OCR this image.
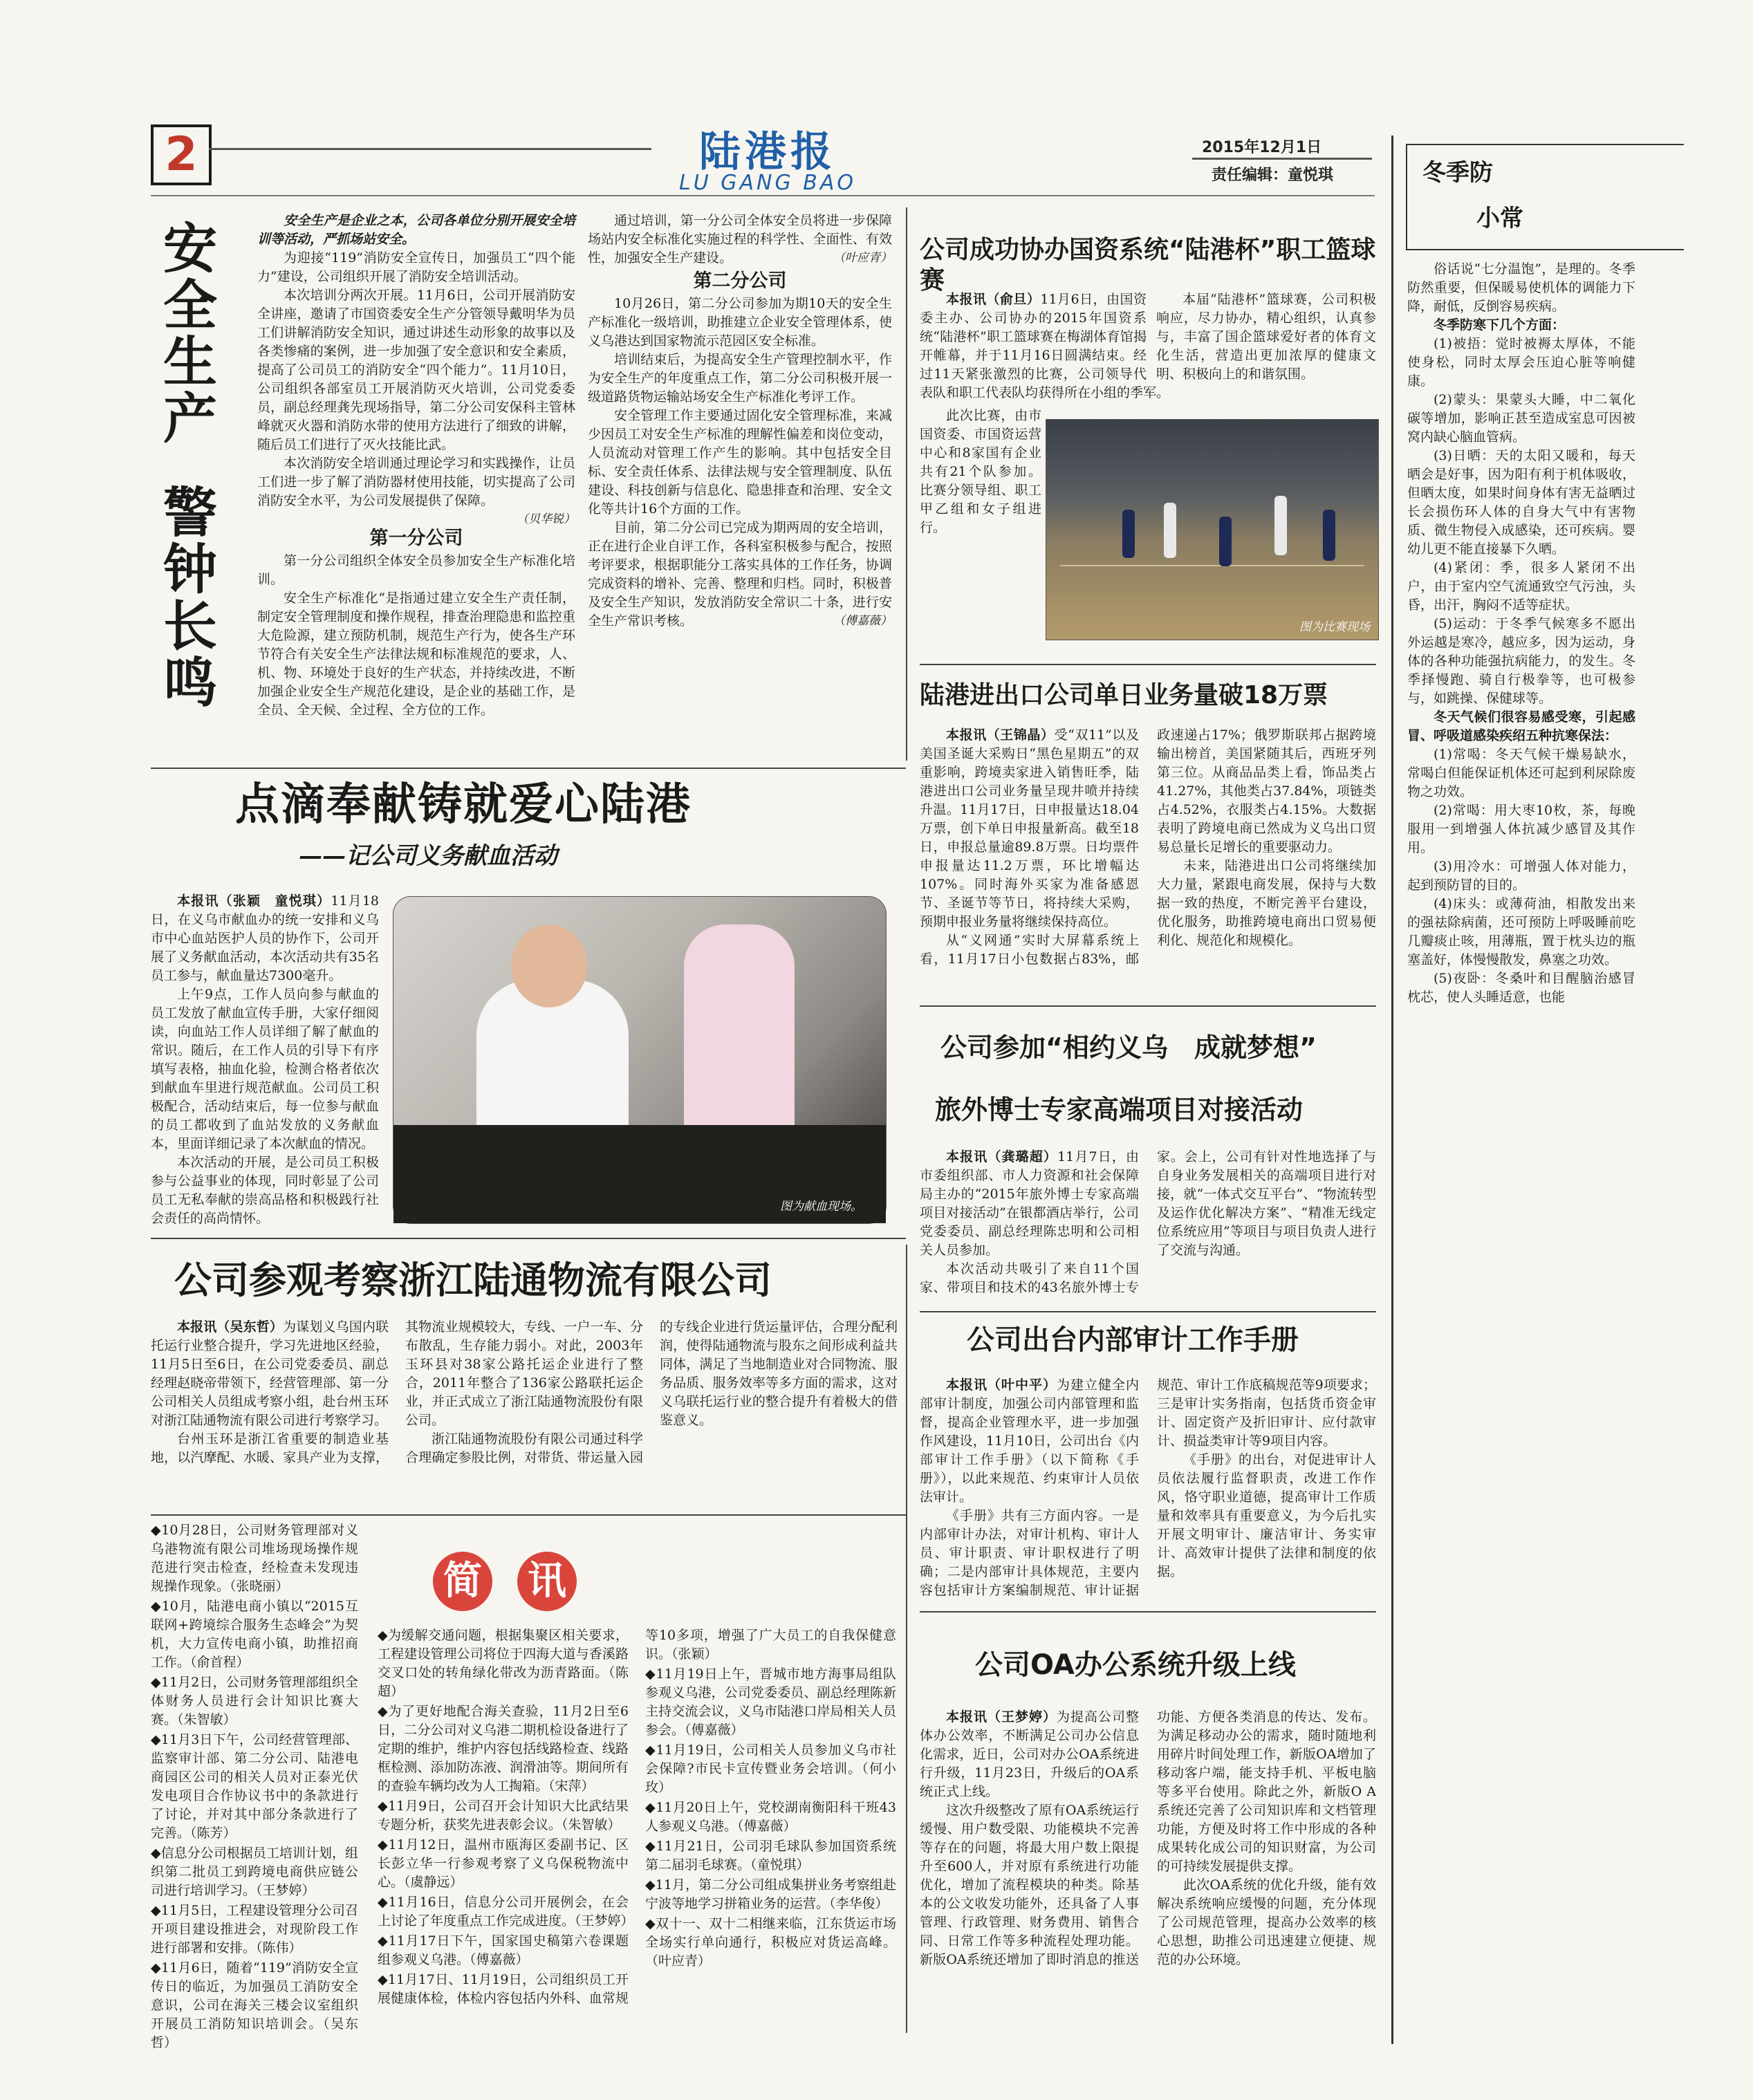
2	陆港报
LU GANG BAO
2015年12月1日
责任编辑：童悦琪
安全生产
警钟长鸣

安全生产是企业之本，公司各单位分别开展安全培训等活动，严抓场站安全。

为迎接“119”消防安全宣传日，加强员工“四个能力”建设，公司组织开展了消防安全培训活动。

本次培训分两次开展。11月6日，公司开展消防安全讲座，邀请了市国资委安全生产分管领导戴明华为员工们讲解消防安全知识，通过讲述生动形象的故事以及各类惨痛的案例，进一步加强了安全意识和安全素质，提高了公司员工的消防安全“四个能力”。11月10日，公司组织各部室员工开展消防灭火培训，公司党委委员，副总经理龚先现场指导，第二分公司安保科主管林峰就灭火器和消防水带的使用方法进行了细致的讲解，随后员工们进行了灭火技能比武。

本次消防安全培训通过理论学习和实践操作，让员工们进一步了解了消防器材使用技能，切实提高了公司消防安全水平，为公司发展提供了保障。
（贝华锐）

第一分公司

第一分公司组织全体安全员参加安全生产标准化培训。

安全生产标准化”是指通过建立安全生产责任制，制定安全管理制度和操作规程，排查治理隐患和监控重大危险源，建立预防机制，规范生产行为，使各生产环节符合有关安全生产法律法规和标准规范的要求，人、机、物、环境处于良好的生产状态，并持续改进，不断加强企业安全生产规范化建设，是企业的基础工作，是全员、全天候、全过程、全方位的工作。

通过培训，第一分公司全体安全员将进一步保障场站内安全标准化实施过程的科学性、全面性、有效性，加强安全生产建设。	（叶应青）

第二分公司

10月26日，第二分公司参加为期10天的安全生产标准化一级培训，助推建立企业安全管理体系，使义乌港达到国家物流示范园区安全标准。

培训结束后，为提高安全生产管理控制水平，作为安全生产的年度重点工作，第二分公司积极开展一级道路货物运输站场安全生产标准化考评工作。

安全管理工作主要通过固化安全管理标准，来减少因员工对安全生产标准的理解性偏差和岗位变动，人员流动对管理工作产生的影响。其中包括安全目标、安全责任体系、法律法规与安全管理制度、队伍建设、科技创新与信息化、隐患排查和治理、安全文化等共计16个方面的工作。

目前，第二分公司已完成为期两周的安全培训，正在进行企业自评工作，各科室积极参与配合，按照考评要求，根据职能分工落实具体的工作任务，协调完成资料的增补、完善、整理和归档。同时，积极普及安全生产知识，发放消防安全常识二十条，进行安全生产常识考核。	（傅嘉薇）

公司成功协办国资系统“陆港杯”职工篮球赛

本届“陆港杯”篮球赛，公司积极响应，尽力协办，精心组织，认真参与，丰富了国企篮球爱好者的体育文化生活，营造出更加浓厚的健康文明、积极向上的和谐氛围。

本报讯（俞旦）11月6日，由国资委主办、公司协办的2015年国资系统“陆港杯”职工篮球赛在梅湖体育馆揭开帷幕，并于11月16日圆满结束。经过11天紧张激烈的比赛，公司领导代表队和职工代表队均获得所在小组的季军。

此次比赛，由市国资委、市国资运营中心和8家国有企业共有21个队参加。比赛分领导组、职工甲乙组和女子组进行。

图为比赛现场
陆港进出口公司单日业务量破18万票

本报讯（王锦晶）受“双11”以及美国圣诞大采购日“黑色星期五”的双重影响，跨境卖家进入销售旺季，陆港进出口公司业务量呈现井喷并持续升温。11月17日，日申报量达18.04万票，创下单日申报量新高。截至18日，申报总量逾89.8万票。日均票件申报量达11.2万票，环比增幅达107%。同时海外买家为准备感恩节、圣诞节等节日，将持续大采购，预期申报业务量将继续保持高位。

从“义网通”实时大屏幕系统上看，11月17日小包数据占83%，邮政速递占17%；俄罗斯联邦占据跨境输出榜首，美国紧随其后，西班牙列第三位。从商品品类上看，饰品类占41.27%，其他类占37.84%，项链类占4.52%，衣服类占4.15%。大数据表明了跨境电商已然成为义乌出口贸易总量长足增长的重要驱动力。

未来，陆港进出口公司将继续加大力量，紧跟电商发展，保持与大数据一致的热度，不断完善平台建设，优化服务，助推跨境电商出口贸易便利化、规范化和规模化。

点滴奉献铸就爱心陆港
——记公司义务献血活动

本报讯（张颖　童悦琪）11月18日，在义乌市献血办的统一安排和义乌市中心血站医护人员的协作下，公司开展了义务献血活动，本次活动共有35名员工参与，献血量达7300毫升。

上午9点，工作人员向参与献血的员工发放了献血宣传手册，大家仔细阅读，向血站工作人员详细了解了献血的常识。随后，在工作人员的引导下有序填写表格，抽血化验，检测合格者依次到献血车里进行规范献血。公司员工积极配合，活动结束后，每一位参与献血的员工都收到了血站发放的义务献血本，里面详细记录了本次献血的情况。

本次活动的开展，是公司员工积极参与公益事业的体现，同时彰显了公司员工无私奉献的崇高品格和积极践行社会责任的高尚情怀。

图为献血现场。
公司参加“相约义乌　成就梦想”
旅外博士专家高端项目对接活动

本报讯（龚璐超）11月7日，由市委组织部、市人力资源和社会保障局主办的“2015年旅外博士专家高端项目对接活动”在银都酒店举行，公司党委委员、副总经理陈忠明和公司相关人员参加。

本次活动共吸引了来自11个国家、带项目和技术的43名旅外博士专家。会上，公司有针对性地选择了与自身业务发展相关的高端项目进行对接，就“一体式交互平台”、“物流转型及运作优化解决方案”、“精准无线定位系统应用”等项目与项目负责人进行了交流与沟通。

公司参观考察浙江陆通物流有限公司

本报讯（吴东哲）为谋划义乌国内联托运行业整合提升，学习先进地区经验，11月5日至6日，在公司党委委员、副总经理赵晓帝带领下，经营管理部、第一分公司相关人员组成考察小组，赴台州玉环对浙江陆通物流有限公司进行考察学习。

台州玉环是浙江省重要的制造业基地，以汽摩配、水暖、家具产业为支撑，其物流业规模较大，专线、一户一车、分布散乱，生存能力弱小。对此，2003年玉环县对38家公路托运企业进行了整合，2011年整合了136家公路联托运企业，并正式成立了浙江陆通物流股份有限公司。

浙江陆通物流股份有限公司通过科学合理确定参股比例，对带货、带运量入园的专线企业进行货运量评估，合理分配利润，使得陆通物流与股东之间形成利益共同体，满足了当地制造业对合同物流、服务品质、服务效率等多方面的需求，这对义乌联托运行业的整合提升有着极大的借鉴意义。

公司出台内部审计工作手册

本报讯（叶中平）为建立健全内部审计制度，加强公司内部管理和监督，提高企业管理水平，进一步加强作风建设，11月10日，公司出台《内部审计工作手册》（以下简称《手册》），以此来规范、约束审计人员依法审计。

《手册》共有三方面内容。一是内部审计办法，对审计机构、审计人员、审计职责、审计职权进行了明确；二是内部审计具体规范，主要内容包括审计方案编制规范、审计证据规范、审计工作底稿规范等9项要求；三是审计实务指南，包括货币资金审计、固定资产及折旧审计、应付款审计、损益类审计等9项目内容。

《手册》的出台，对促进审计人员依法履行监督职责，改进工作作风，恪守职业道德，提高审计工作质量和效率具有重要意义，为今后扎实开展文明审计、廉洁审计、务实审计、高效审计提供了法律和制度的依据。

公司OA办公系统升级上线

本报讯（王梦婷）为提高公司整体办公效率，不断满足公司办公信息化需求，近日，公司对办公OA系统进行升级，11月23日，升级后的OA系统正式上线。

这次升级整改了原有OA系统运行缓慢、用户数受限、功能模块不完善等存在的问题，将最大用户数上限提升至600人，并对原有系统进行功能优化，增加了流程模块的种类。除基本的公文收发功能外，还具备了人事管理、行政管理、财务费用、销售合同、日常工作等多种流程处理功能。新版OA系统还增加了即时消息的推送功能、方便各类消息的传达、发布。为满足移动办公的需求，随时随地利用碎片时间处理工作，新版OA增加了移动客户端，能支持手机、平板电脑等多平台使用。除此之外，新版O A系统还完善了公司知识库和文档管理功能，方便及时将工作中形成的各种成果转化成公司的知识财富，为公司的可持续发展提供支撑。

此次OA系统的优化升级，能有效解决系统响应缓慢的问题，充分体现了公司规范管理，提高办公效率的核心思想，助推公司迅速建立便捷、规范的办公环境。

简 讯

◆10月28日，公司财务管理部对义乌港物流有限公司堆场现场操作规范进行突击检查，经检查未发现违规操作现象。（张晓丽）

◆10月，陆港电商小镇以“2015互联网+跨境综合服务生态峰会”为契机，大力宣传电商小镇，助推招商工作。（俞首程）

◆11月2日，公司财务管理部组织全体财务人员进行会计知识比赛大赛。（朱智敏）

◆11月3日下午，公司经营管理部、监察审计部、第二分公司、陆港电商园区公司的相关人员对正泰光伏发电项目合作协议书中的条款进行了讨论，并对其中部分条款进行了完善。（陈芳）

◆信息分公司根据员工培训计划，组织第二批员工到跨境电商供应链公司进行培训学习。（王梦婷）

◆11月5日，工程建设管理分公司召开项目建设推进会，对现阶段工作进行部署和安排。（陈伟）

◆11月6日，随着“119”消防安全宣传日的临近，为加强员工消防安全意识，公司在海关三楼会议室组织开展员工消防知识培训会。（吴东哲）

◆为缓解交通问题，根据集聚区相关要求，工程建设管理公司将位于四海大道与香溪路交叉口处的转角绿化带改为沥青路面。（陈超）

◆为了更好地配合海关查验，11月2日至6日，二分公司对义乌港二期机检设备进行了定期的维护，维护内容包括线路检查、线路框检测、添加防冻液、润滑油等。期间所有的查验车辆均改为人工掏箱。（宋萍）

◆11月9日，公司召开会计知识大比武结果专题分析，获奖先进表彰会议。（朱智敏）

◆11月12日，温州市瓯海区委副书记、区长彭立华一行参观考察了义乌保税物流中心。（虞静远）

◆11月16日，信息分公司开展例会，在会上讨论了年度重点工作完成进度。（王梦婷）

◆11月17日下午，国家国史稿第六卷课题组参观义乌港。（傅嘉薇）

◆11月17日、11月19日，公司组织员工开展健康体检，体检内容包括内外科、血常规等10多项，增强了广大员工的自我保健意识。（张颖）

◆11月19日上午，晋城市地方海事局组队参观义乌港，公司党委委员、副总经理陈新主持交流会议，义乌市陆港口岸局相关人员参会。（傅嘉薇）

◆11月19日，公司相关人员参加义乌市社会保障?市民卡宣传暨业务会培训。（何小玫）

◆11月20日上午，党校湖南衡阳科干班43人参观义乌港。（傅嘉薇）

◆11月21日，公司羽毛球队参加国资系统第二届羽毛球赛。（童悦琪）

◆11月，第二分公司组成集拼业务考察组赴宁波等地学习拼箱业务的运营。（李华俊）

◆双十一、双十二相继来临，江东货运市场全场实行单向通行，积极应对货运高峰。（叶应青）

冬季防
小常

俗话说“七分温饱”，是理的。冬季防然重要，但保暖易使机体的调能力下降，耐低，反倒容易疾病。

冬季防寒下几个方面：

(1)被捂：觉时被褥太厚体，不能使身松，同时太厚会压迫心脏等响健康。

(2)蒙头：果蒙头大睡，中二氧化碳等增加，影响正甚至造成室息可因被窝内缺心脑血管病。

(3)日晒：天的太阳又暖和，每天晒会是好事，因为阳有利于机体吸收，但晒太度，如果时间身体有害无益晒过长会损伤环人体的自身大气中有害物质、微生物侵入成感染，还可疾病。婴幼儿更不能直接暴下久晒。

(4)紧闭：季，很多人紧闭不出户，由于室内空气流通致空气污浊，头昏，出汗，胸闷不适等症状。

(5)运动：于冬季气候寒多不愿出外运越是寒冷，越应多，因为运动，身体的各种功能强抗病能力，的发生。冬季择慢跑、骑自行极拳等，也可极参与，如跳操、保健球等。

冬天气候们很容易感受寒，引起感冒、呼吸道感染疾绍五种抗寒保法：

(1)常喝：冬天气候干燥易缺水，常喝白但能保证机体还可起到利尿除废物之功效。

(2)常喝：用大枣10枚，茶，每晚服用一到增强人体抗减少感冒及其作用。

(3)用冷水：可增强人体对能力，起到预防冒的目的。

(4)床头：或薄荷油，相散发出来的强祛除病菌，还可预防上呼吸睡前吃几瓣痰止咳，用薄瓶，置于枕头边的瓶塞盖好，体慢慢散发，鼻塞之功效。

(5)夜卧：冬桑叶和目醒脑治感冒枕芯，使人头睡适意，也能
